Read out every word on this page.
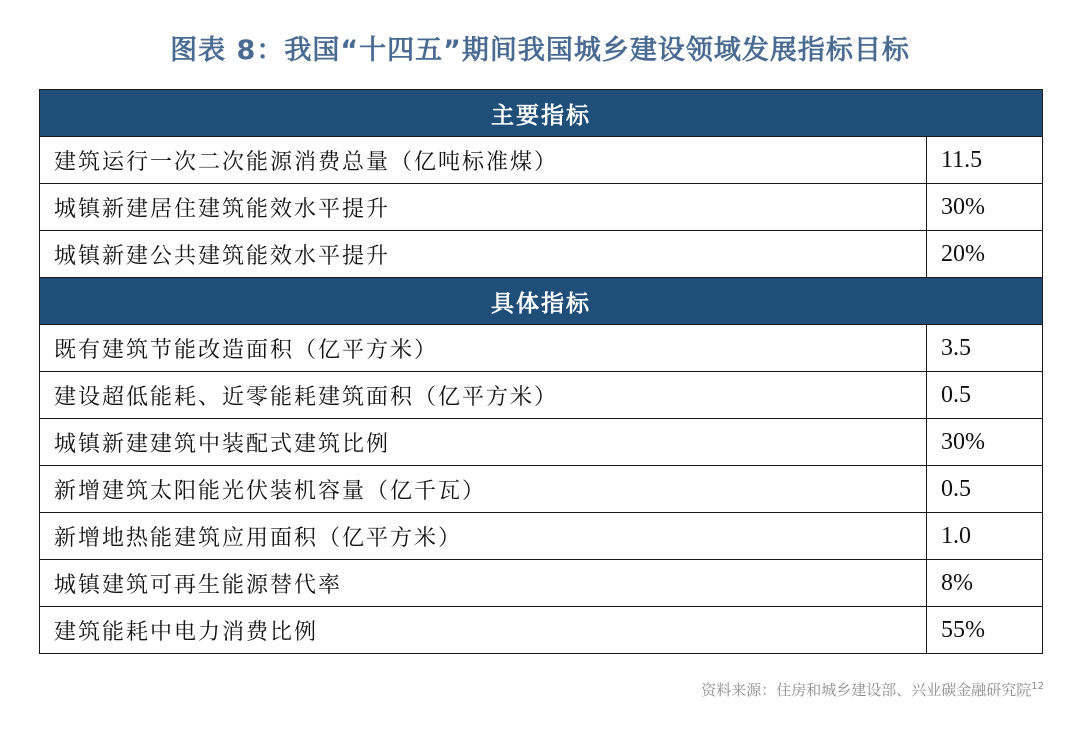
图表 8：我国“十四五”期间我国城乡建设领域发展指标目标
主要指标	
建筑运行一次二次能源消费总量（亿吨标准煤）	11.5
城镇新建居住建筑能效水平提升	30%
城镇新建公共建筑能效水平提升	20%
具体指标	
既有建筑节能改造面积（亿平方米）	3.5
建设超低能耗、近零能耗建筑面积（亿平方米）	0.5
城镇新建建筑中装配式建筑比例	30%
新增建筑太阳能光伏装机容量（亿千瓦）	0.5
新增地热能建筑应用面积（亿平方米）	1.0
城镇建筑可再生能源替代率	8%
建筑能耗中电力消费比例	55%
资料来源：住房和城乡建设部、兴业碳金融研究院$^{12}$
